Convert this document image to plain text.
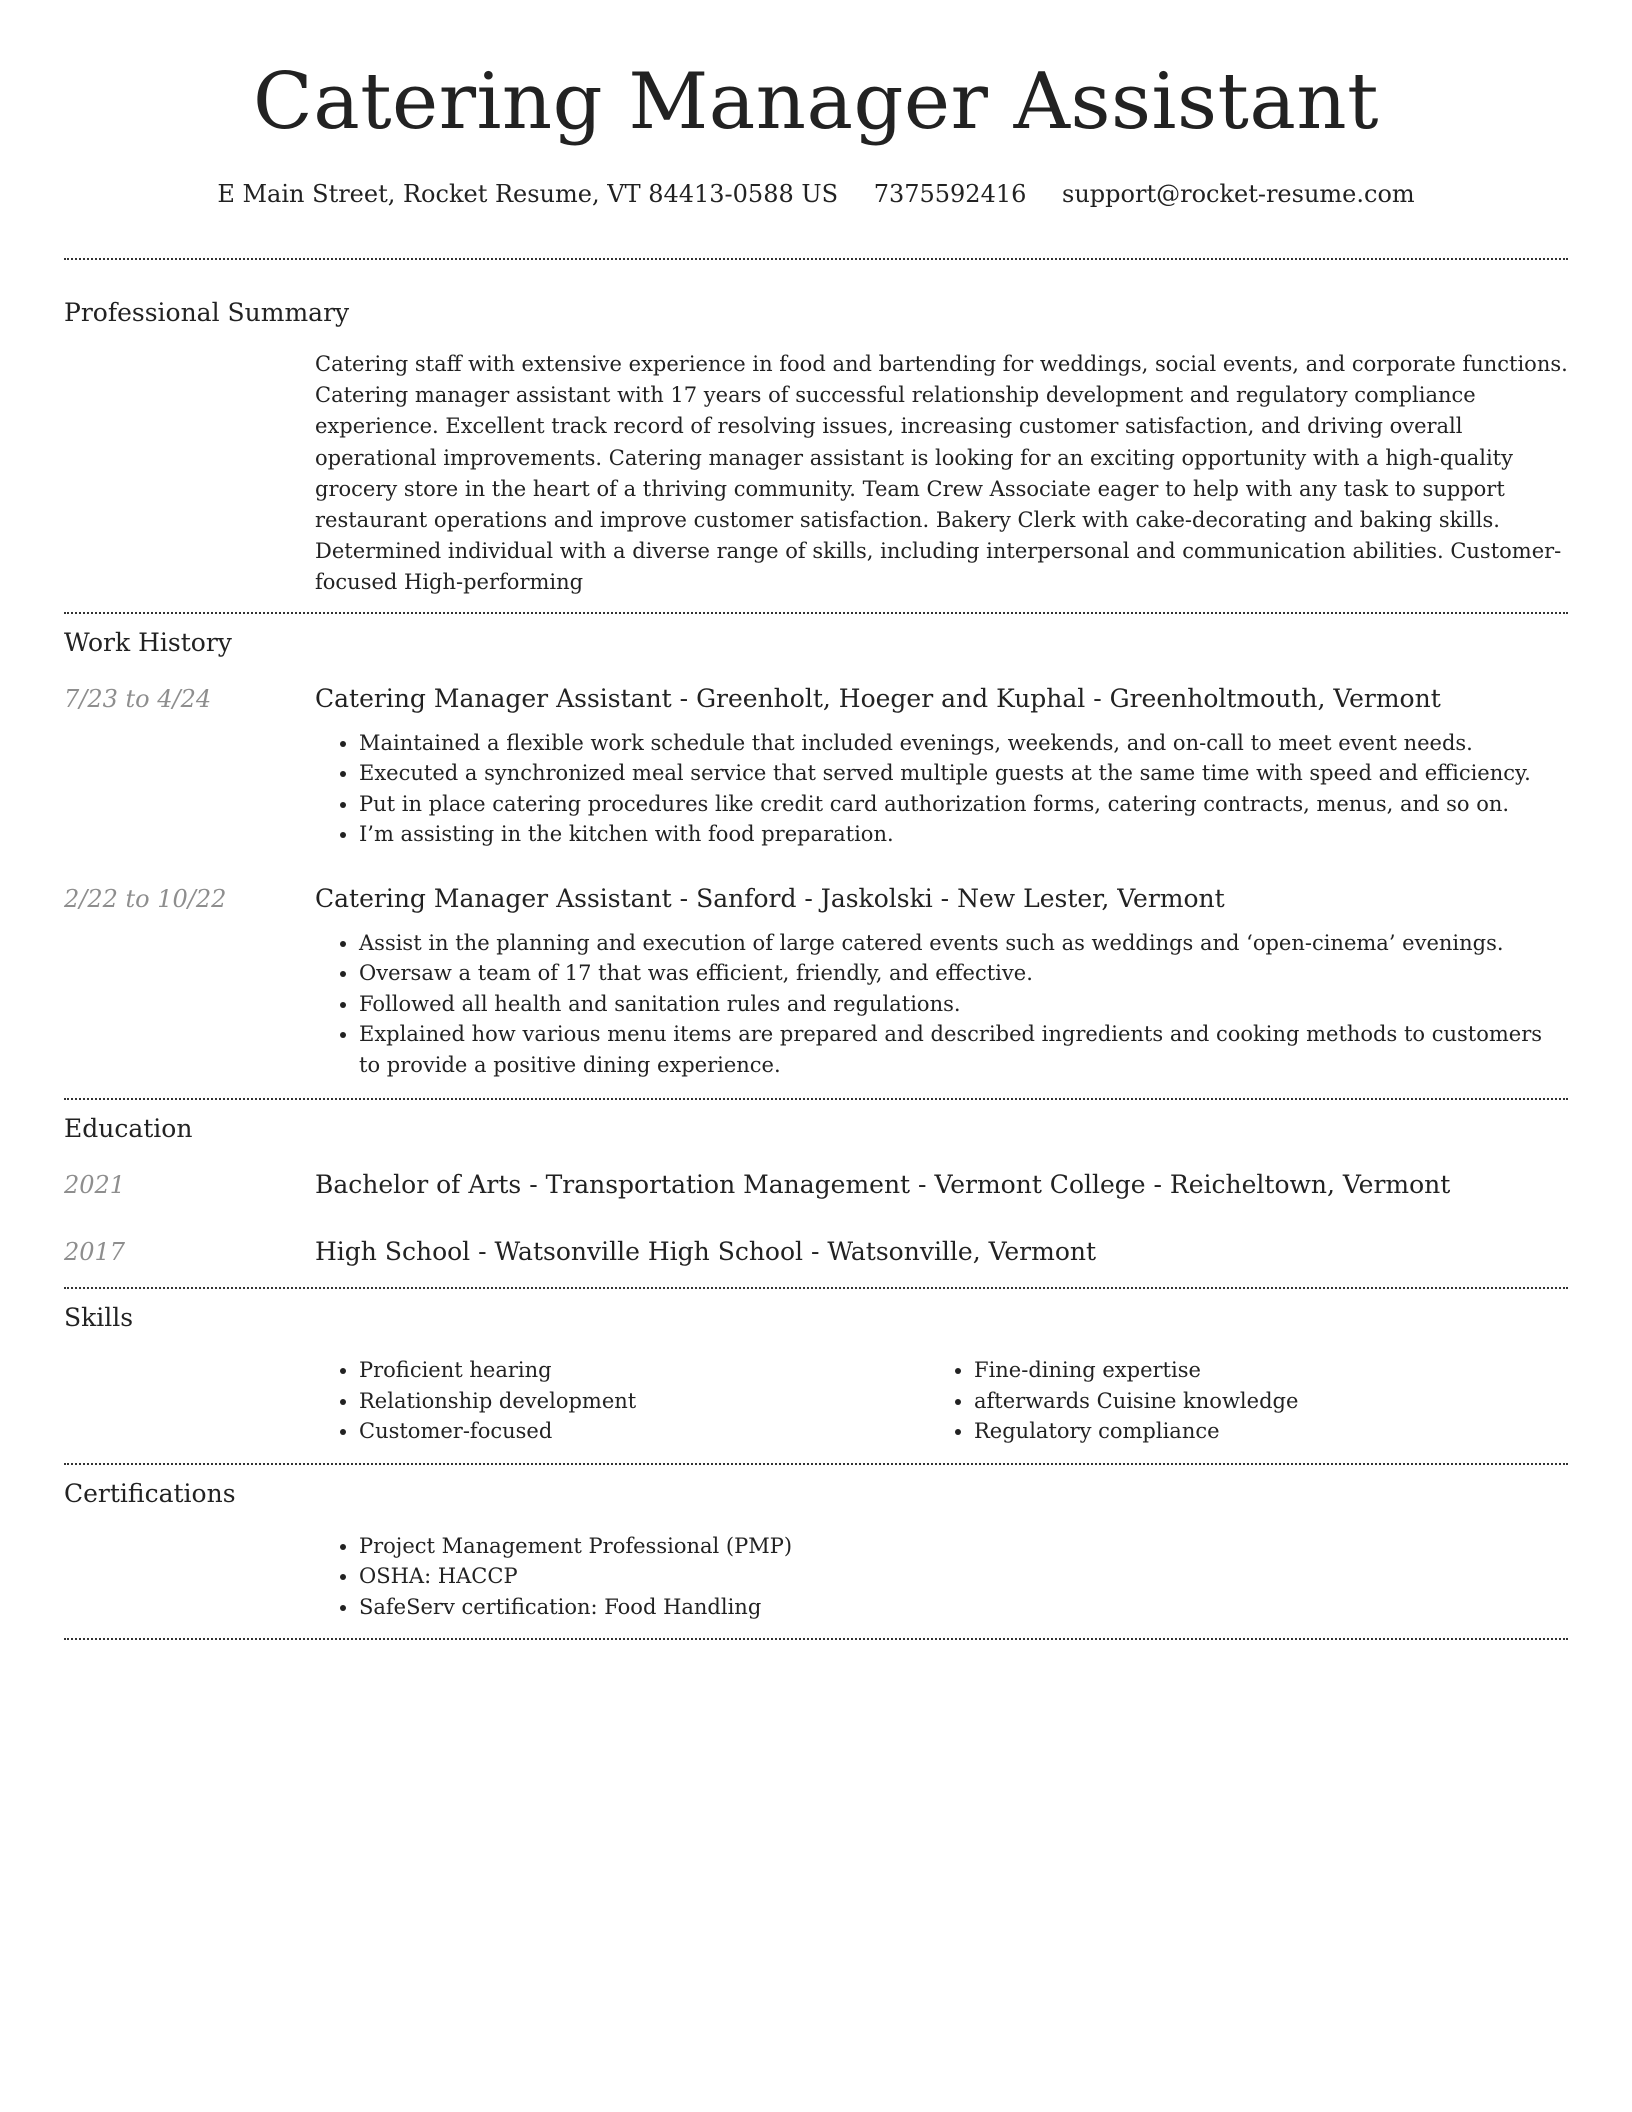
Catering Manager Assistant
E Main Street, Rocket Resume, VT 84413-0588 US 7375592416 support@rocket-resume.com
Professional Summary

Catering staff with extensive experience in food and bartending for weddings, social events, and corporate functions. Catering manager assistant with 17 years of successful relationship development and regulatory compliance experience. Excellent track record of resolving issues, increasing customer satisfaction, and driving overall operational improvements. Catering manager assistant is looking for an exciting opportunity with a high-quality grocery store in the heart of a thriving community. Team Crew Associate eager to help with any task to support restaurant operations and improve customer satisfaction. Bakery Clerk with cake-decorating and baking skills. Determined individual with a diverse range of skills, including interpersonal and communication abilities. Customer-focused High-performing

Work History
7/23 to 4/24	Catering Manager Assistant - Greenholt, Hoeger and Kuphal - Greenholtmouth, Vermont
• Maintained a flexible work schedule that included evenings, weekends, and on-call to meet event needs.
• Executed a synchronized meal service that served multiple guests at the same time with speed and efficiency.
• Put in place catering procedures like credit card authorization forms, catering contracts, menus, and so on.
• I’m assisting in the kitchen with food preparation.
2/22 to 10/22	Catering Manager Assistant - Sanford - Jaskolski - New Lester, Vermont
• Assist in the planning and execution of large catered events such as weddings and ‘open-cinema’ evenings.
• Oversaw a team of 17 that was efficient, friendly, and effective.
• Followed all health and sanitation rules and regulations.
• Explained how various menu items are prepared and described ingredients and cooking methods to customers to provide a positive dining experience.
Education
2021	Bachelor of Arts - Transportation Management - Vermont College - Reicheltown, Vermont
2017	High School - Watsonville High School - Watsonville, Vermont
Skills
• Proficient hearing
• Relationship development
• Customer-focused
• Fine-dining expertise
• afterwards Cuisine knowledge
• Regulatory compliance
Certifications
• Project Management Professional (PMP)
• OSHA: HACCP
• SafeServ certification: Food Handling
